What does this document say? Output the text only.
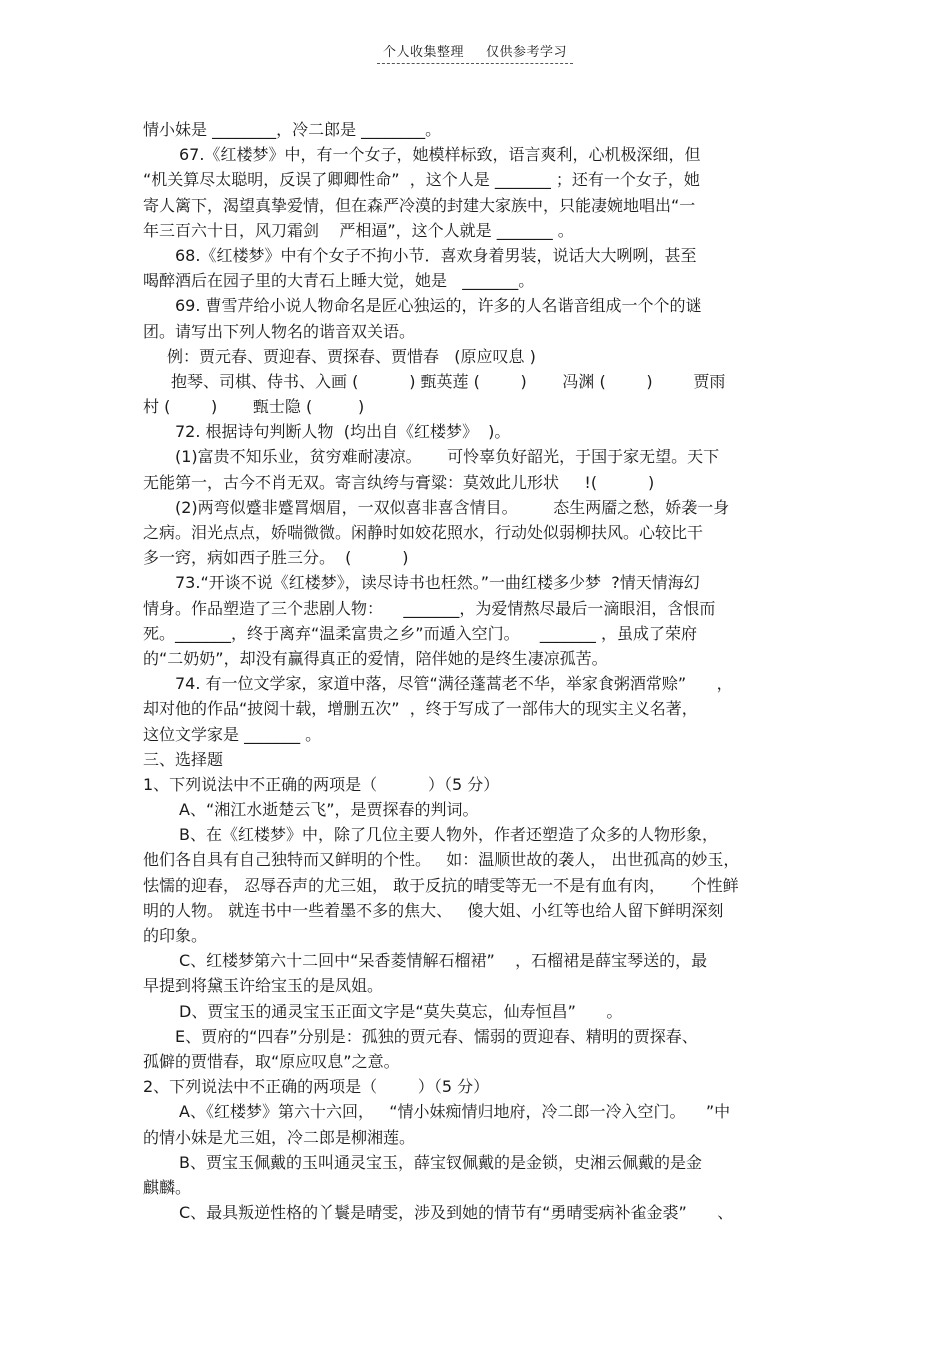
个人收集整理 仅供参考学习
情小妹是 ________，冷二郎是 ________。
67.《红楼梦》中，有一个女子，她模样标致，语言爽利，心机极深细，但
“机关算尽太聪明，反误了卿卿性命”  ，这个人是 _______ ；还有一个女子，她
寄人篱下，渴望真挚爱情，但在森严冷漠的封建大家族中，只能凄婉地唱出“一
年三百六十日，风刀霜剑    严相逼”，这个人就是 _______ 。
68.《红楼梦》中有个女子不拘小节．喜欢身着男装，说话大大咧咧，甚至
喝醉酒后在园子里的大青石上睡大觉，她是   _______。
69. 曹雪芹给小说人物命名是匠心独运的，许多的人名谐音组成一个个的谜
团。请写出下列人物名的谐音双关语。
例：贾元春、贾迎春、贾探春、贾惜春   (原应叹息 )
抱琴、司棋、侍书、入画 (          ) 甄英莲 (        )       冯渊 (        )        贾雨
村 (        )       甄士隐 (         )
72. 根据诗句判断人物  (均出自《红楼梦》  )。
(1)富贵不知乐业，贫穷难耐凄凉。     可怜辜负好韶光，于国于家无望。天下
无能第一，古今不肖无双。寄言纨绔与膏粱：莫效此儿形状     !(          )
(2)两弯似蹙非蹙罥烟眉，一双似喜非喜含情目。       态生两靥之愁，娇袭一身
之病。泪光点点，娇喘微微。闲静时如姣花照水，行动处似弱柳扶风。心较比干
多一窍，病如西子胜三分。  (          )
73.“开谈不说《红楼梦》，读尽诗书也枉然。”一曲红楼多少梦  ?情天情海幻
情身。作品塑造了三个悲剧人物：    _______，为爱情熬尽最后一滴眼泪，含恨而
死。_______，终于离弃“温柔富贵之乡”而遁入空门。    _______ ，虽成了荣府
的“二奶奶”，却没有赢得真正的爱情，陪伴她的是终生凄凉孤苦。
74. 有一位文学家，家道中落，尽管“满径蓬蒿老不华，举家食粥酒常赊”      ，
却对他的作品“披阅十载，增删五次”  ，终于写成了一部伟大的现实主义名著，
这位文学家是 _______ 。
三、选择题
1、下列说法中不正确的两项是（          ）（5 分）
A、“湘江水逝楚云飞”，是贾探春的判词。
B、在《红楼梦》中，除了几位主要人物外，作者还塑造了众多的人物形象，
他们各自具有自己独特而又鲜明的个性。   如：温顺世故的袭人， 出世孤高的妙玉，
怯懦的迎春， 忍辱吞声的尤三姐， 敢于反抗的晴雯等无一不是有血有肉，     个性鲜
明的人物。 就连书中一些着墨不多的焦大、   傻大姐、小红等也给人留下鲜明深刻
的印象。
C、红楼梦第六十二回中“呆香菱情解石榴裙”    ，石榴裙是薛宝琴送的，最
早提到将黛玉许给宝玉的是凤姐。
D、贾宝玉的通灵宝玉正面文字是“莫失莫忘，仙寿恒昌”      。
E、贾府的“四春”分别是：孤独的贾元春、懦弱的贾迎春、精明的贾探春、
孤僻的贾惜春，取“原应叹息”之意。
2、下列说法中不正确的两项是（        ）（5 分）
A、《红楼梦》第六十六回，   “情小妹痴情归地府，冷二郎一冷入空门。    ”中
的情小妹是尤三姐，冷二郎是柳湘莲。
B、贾宝玉佩戴的玉叫通灵宝玉，薛宝钗佩戴的是金锁，史湘云佩戴的是金
麒麟。
C、最具叛逆性格的丫鬟是晴雯，涉及到她的情节有“勇晴雯病补雀金裘”      、
